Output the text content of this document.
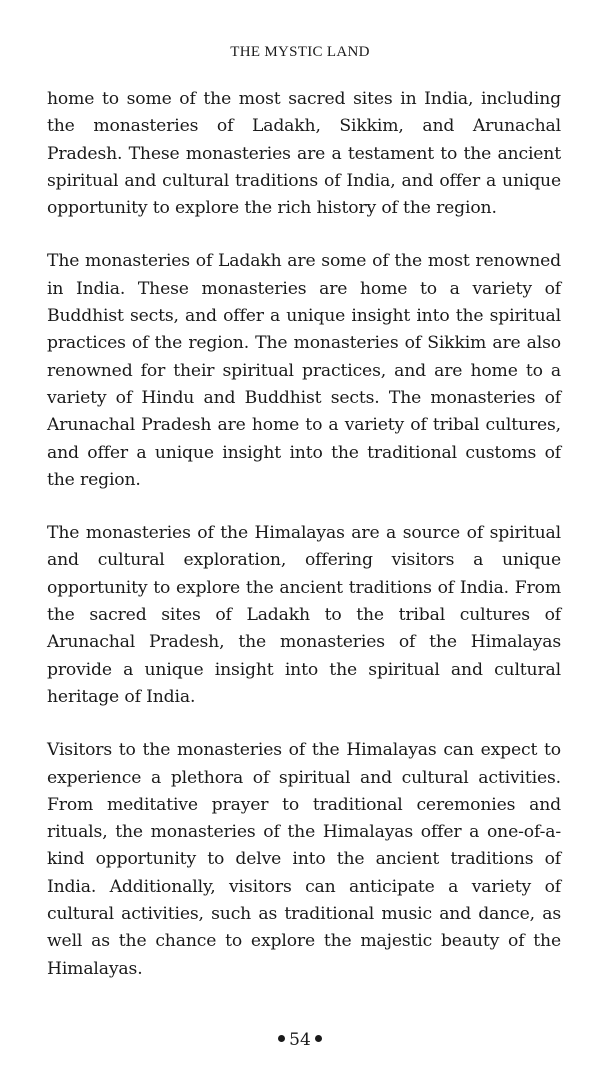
THE MYSTIC LAND

home to some of the most sacred sites in India, including the monasteries of Ladakh, Sikkim, and Arunachal Pradesh. These monasteries are a testament to the ancient spiritual and cultural traditions of India, and offer a unique opportunity to explore the rich history of the region.

The monasteries of Ladakh are some of the most renowned in India. These monasteries are home to a variety of Buddhist sects, and offer a unique insight into the spiritual practices of the region. The monasteries of Sikkim are also renowned for their spiritual practices, and are home to a variety of Hindu and Buddhist sects. The monasteries of Arunachal Pradesh are home to a variety of tribal cultures, and offer a unique insight into the traditional customs of the region.

The monasteries of the Himalayas are a source of spiritual and cultural exploration, offering visitors a unique opportunity to explore the ancient traditions of India. From the sacred sites of Ladakh to the tribal cultures of Arunachal Pradesh, the monasteries of the Himalayas provide a unique insight into the spiritual and cultural heritage of India.

Visitors to the monasteries of the Himalayas can expect to experience a plethora of spiritual and cultural activities. From meditative prayer to traditional ceremonies and rituals, the monasteries of the Himalayas offer a one-of-a-kind opportunity to delve into the ancient traditions of India. Additionally, visitors can anticipate a variety of cultural activities, such as traditional music and dance, as well as the chance to explore the majestic beauty of the Himalayas.

54
